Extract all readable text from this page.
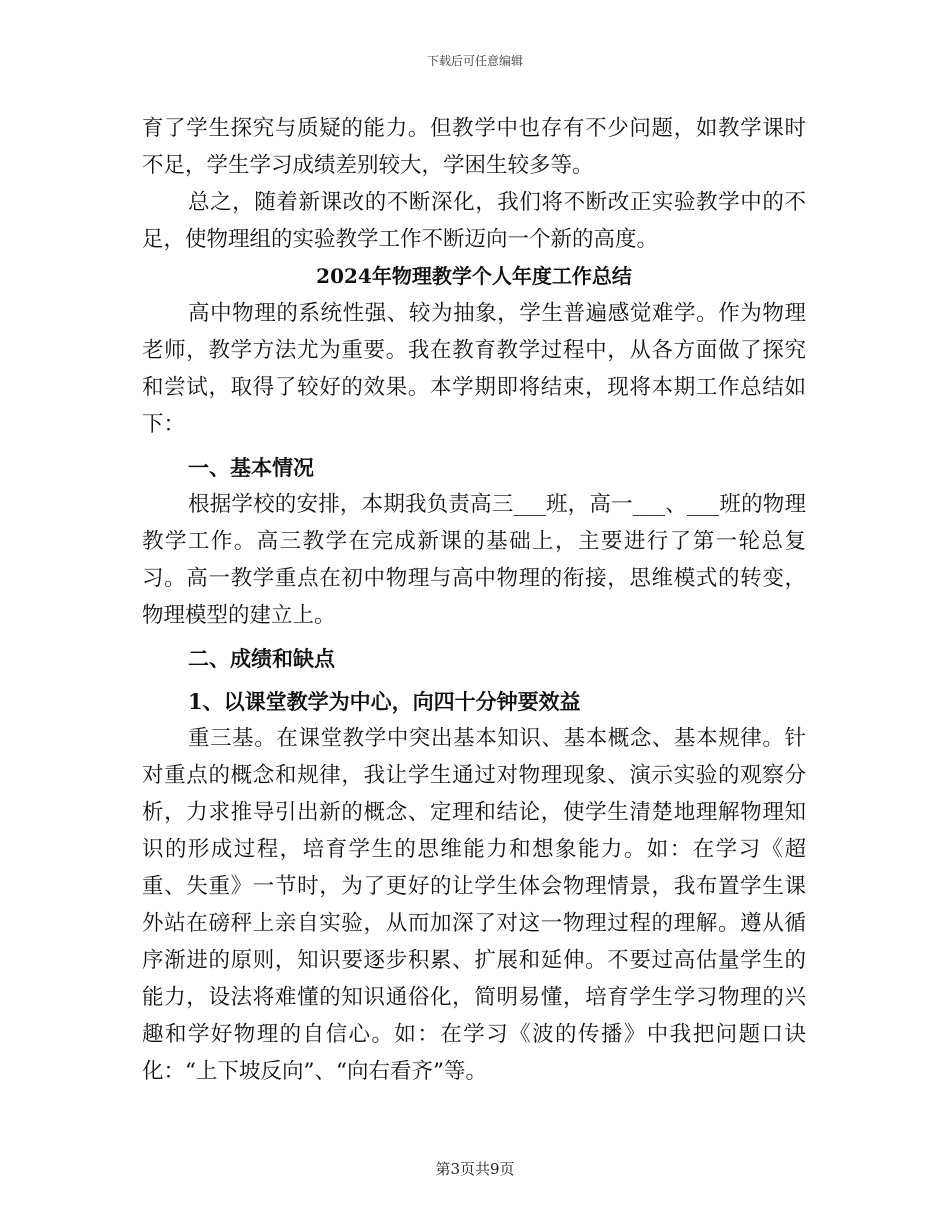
下载后可任意编辑

育了学生探究与质疑的能力。但教学中也存有不少问题，如教学课时不足，学生学习成绩差别较大，学困生较多等。

总之，随着新课改的不断深化，我们将不断改正实验教学中的不足，使物理组的实验教学工作不断迈向一个新的高度。

2024年物理教学个人年度工作总结

高中物理的系统性强、较为抽象，学生普遍感觉难学。作为物理老师，教学方法尤为重要。我在教育教学过程中，从各方面做了探究和尝试，取得了较好的效果。本学期即将结束，现将本期工作总结如下：

一、基本情况

根据学校的安排，本期我负责高三___班，高一___、___班的物理教学工作。高三教学在完成新课的基础上，主要进行了第一轮总复习。高一教学重点在初中物理与高中物理的衔接，思维模式的转变，物理模型的建立上。

二、成绩和缺点

1、以课堂教学为中心，向四十分钟要效益

重三基。在课堂教学中突出基本知识、基本概念、基本规律。针对重点的概念和规律，我让学生通过对物理现象、演示实验的观察分析，力求推导引出新的概念、定理和结论，使学生清楚地理解物理知识的形成过程，培育学生的思维能力和想象能力。如：在学习《超重、失重》一节时，为了更好的让学生体会物理情景，我布置学生课外站在磅秤上亲自实验，从而加深了对这一物理过程的理解。遵从循序渐进的原则，知识要逐步积累、扩展和延伸。不要过高估量学生的能力，设法将难懂的知识通俗化，简明易懂，培育学生学习物理的兴趣和学好物理的自信心。如：在学习《波的传播》中我把问题口诀化：“上下坡反向”、“向右看齐”等。

第3页共9页
